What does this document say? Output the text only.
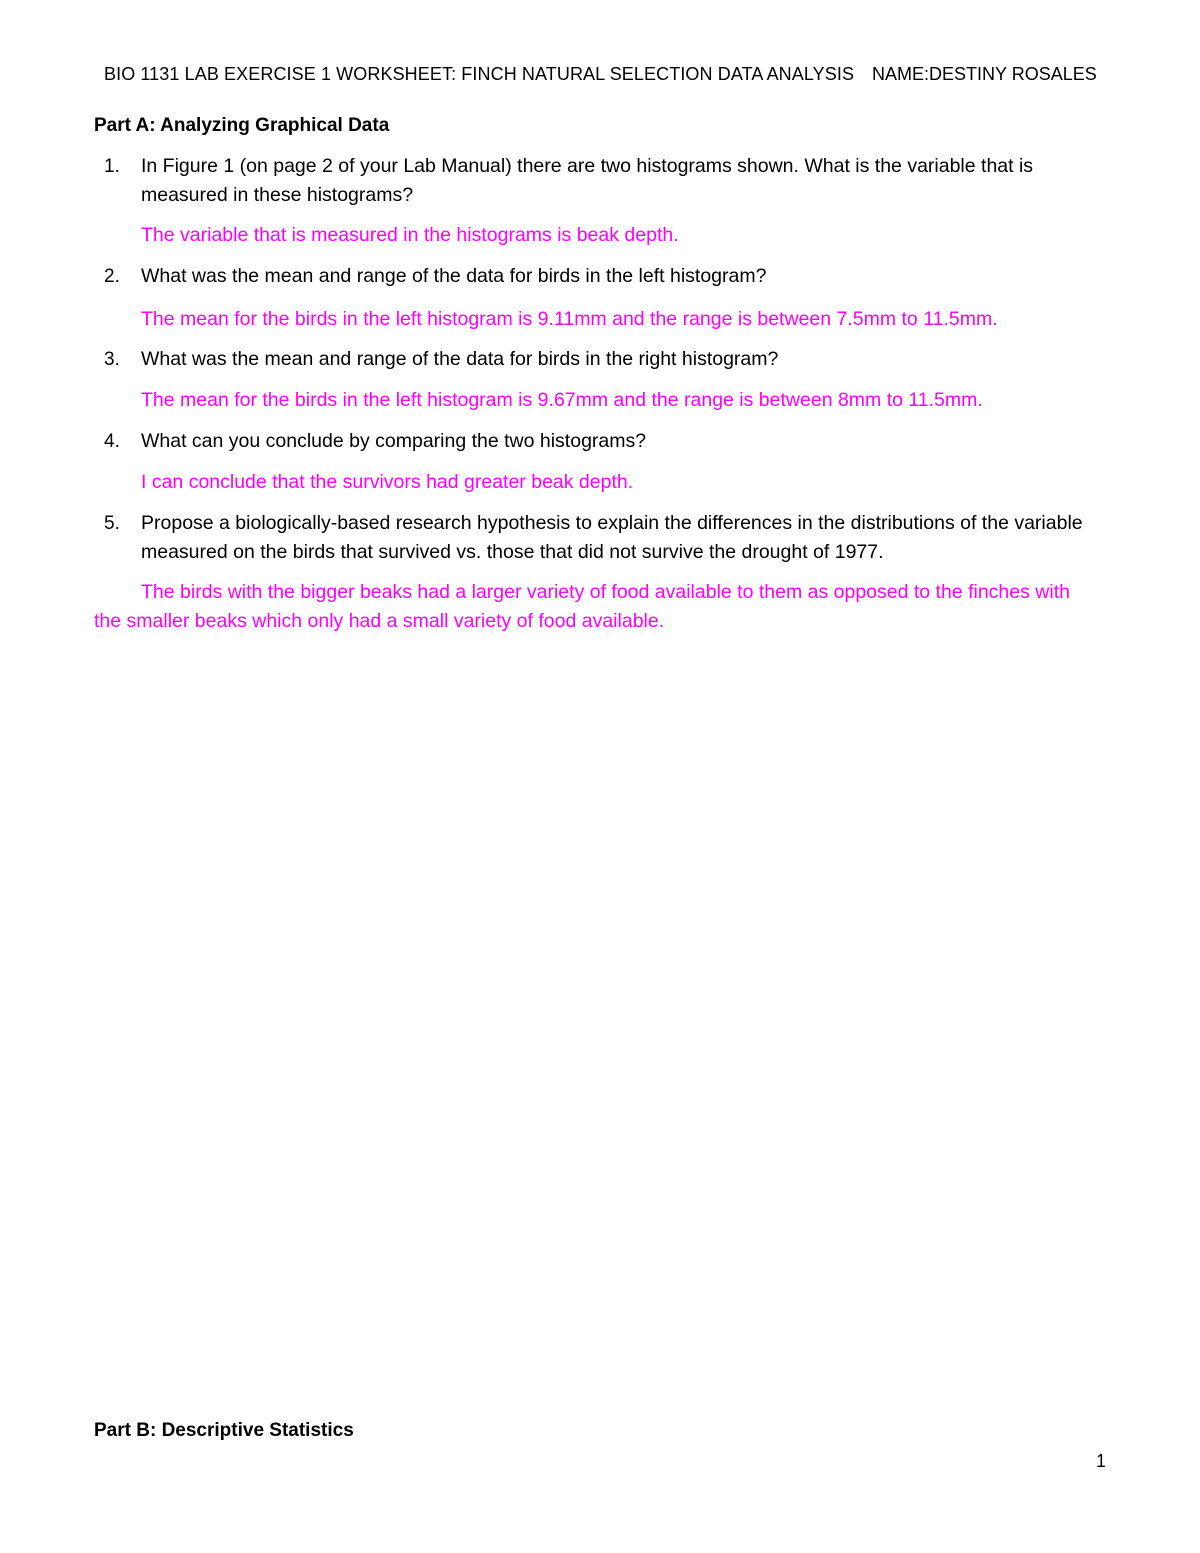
BIO 1131 LAB EXERCISE 1 WORKSHEET: FINCH NATURAL SELECTION DATA ANALYSIS NAME:DESTINY ROSALES
Part A: Analyzing Graphical Data
1. In Figure 1 (on page 2 of your Lab Manual) there are two histograms shown. What is the variable that is measured in these histograms?
The variable that is measured in the histograms is beak depth.
2. What was the mean and range of the data for birds in the left histogram?
The mean for the birds in the left histogram is 9.11mm and the range is between 7.5mm to 11.5mm.
3. What was the mean and range of the data for birds in the right histogram?
The mean for the birds in the left histogram is 9.67mm and the range is between 8mm to 11.5mm.
4. What can you conclude by comparing the two histograms?
I can conclude that the survivors had greater beak depth.
5. Propose a biologically-based research hypothesis to explain the differences in the distributions of the variable measured on the birds that survived vs. those that did not survive the drought of 1977.
The birds with the bigger beaks had a larger variety of food available to them as opposed to the finches with the smaller beaks which only had a small variety of food available.
Part B: Descriptive Statistics
1
